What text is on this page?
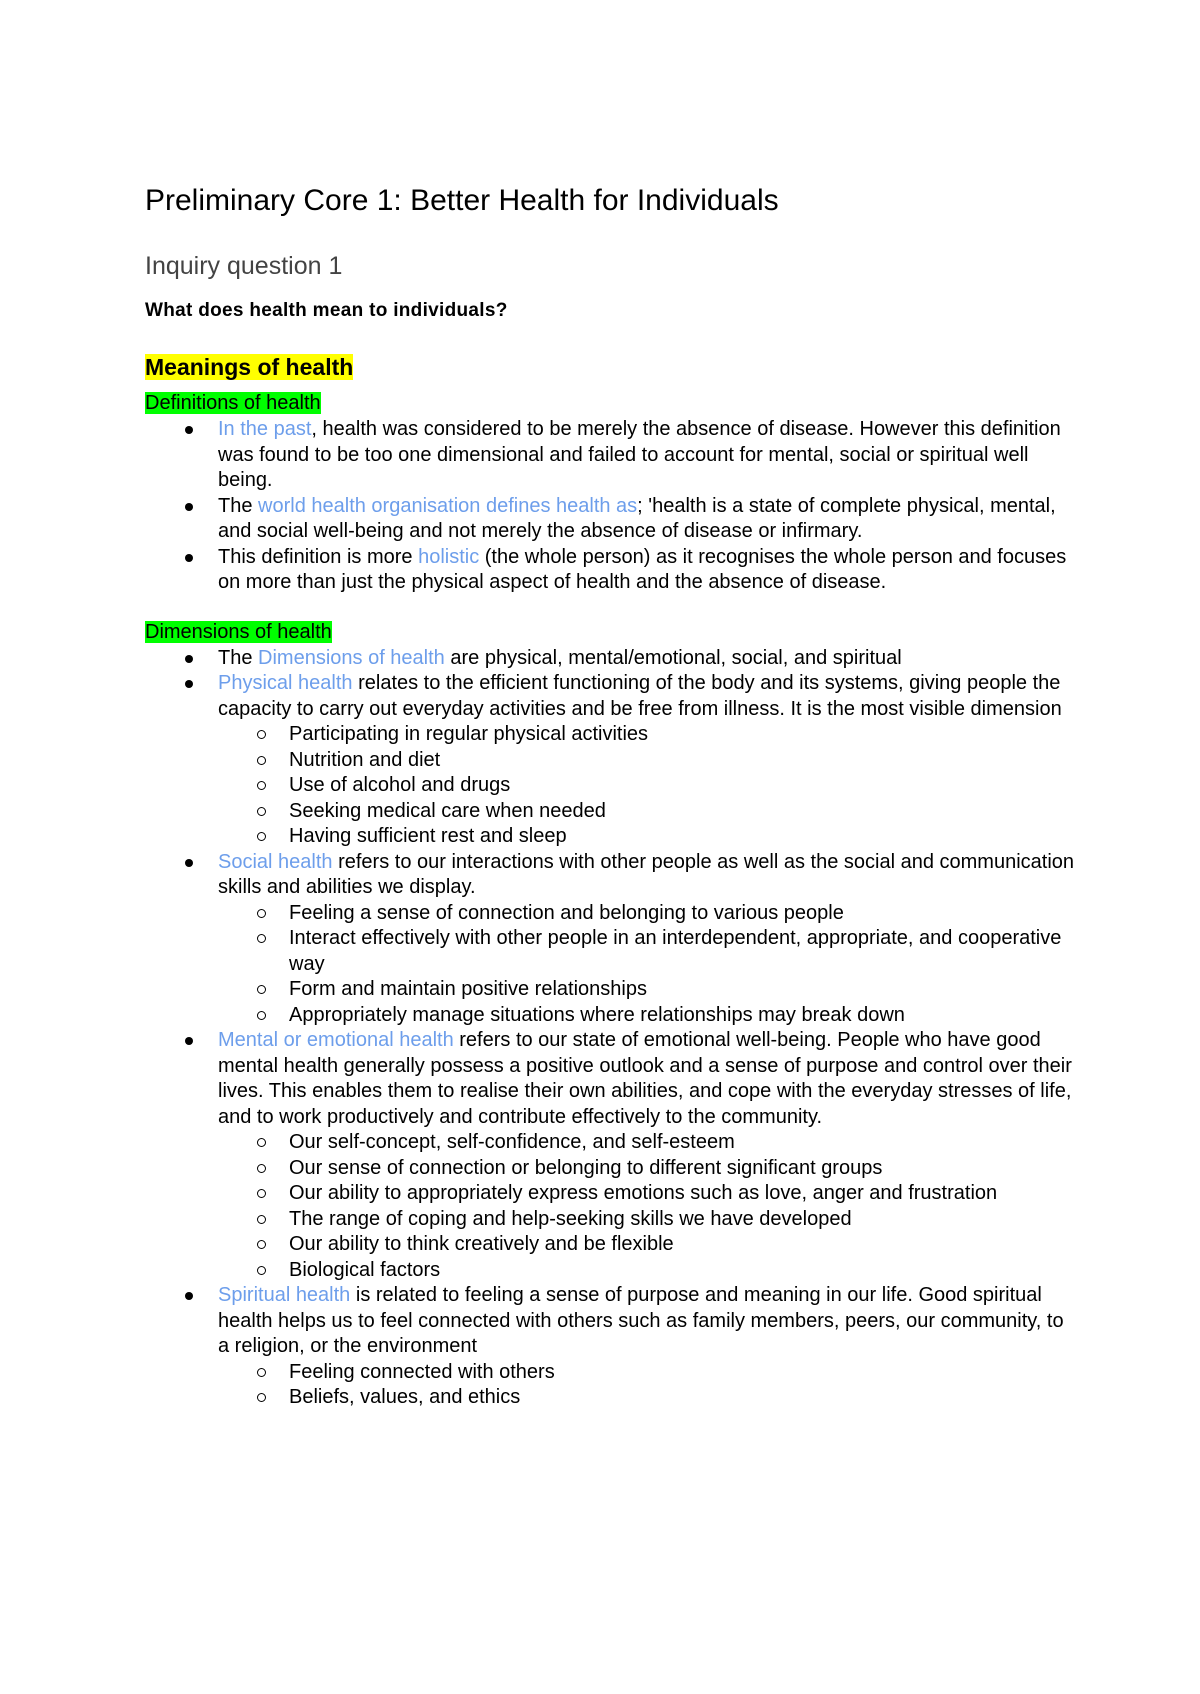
Preliminary Core 1: Better Health for Individuals
Inquiry question 1
What does health mean to individuals?
Meanings of health
Definitions of health
In the past, health was considered to be merely the absence of disease. However this definition was found to be too one dimensional and failed to account for mental, social or spiritual well being.
The world health organisation defines health as; 'health is a state of complete physical, mental, and social well-being and not merely the absence of disease or infirmary.
This definition is more holistic (the whole person) as it recognises the whole person and focuses on more than just the physical aspect of health and the absence of disease.
Dimensions of health
The Dimensions of health are physical, mental/emotional, social, and spiritual
Physical health relates to the efficient functioning of the body and its systems, giving people the capacity to carry out everyday activities and be free from illness. It is the most visible dimension
Participating in regular physical activities
Nutrition and diet
Use of alcohol and drugs
Seeking medical care when needed
Having sufficient rest and sleep
Social health refers to our interactions with other people as well as the social and communication skills and abilities we display.
Feeling a sense of connection and belonging to various people
Interact effectively with other people in an interdependent, appropriate, and cooperative way
Form and maintain positive relationships
Appropriately manage situations where relationships may break down
Mental or emotional health refers to our state of emotional well-being. People who have good mental health generally possess a positive outlook and a sense of purpose and control over their lives. This enables them to realise their own abilities, and cope with the everyday stresses of life, and to work productively and contribute effectively to the community.
Our self-concept, self-confidence, and self-esteem
Our sense of connection or belonging to different significant groups
Our ability to appropriately express emotions such as love, anger and frustration
The range of coping and help-seeking skills we have developed
Our ability to think creatively and be flexible
Biological factors
Spiritual health is related to feeling a sense of purpose and meaning in our life. Good spiritual health helps us to feel connected with others such as family members, peers, our community, to a religion, or the environment
Feeling connected with others
Beliefs, values, and ethics
